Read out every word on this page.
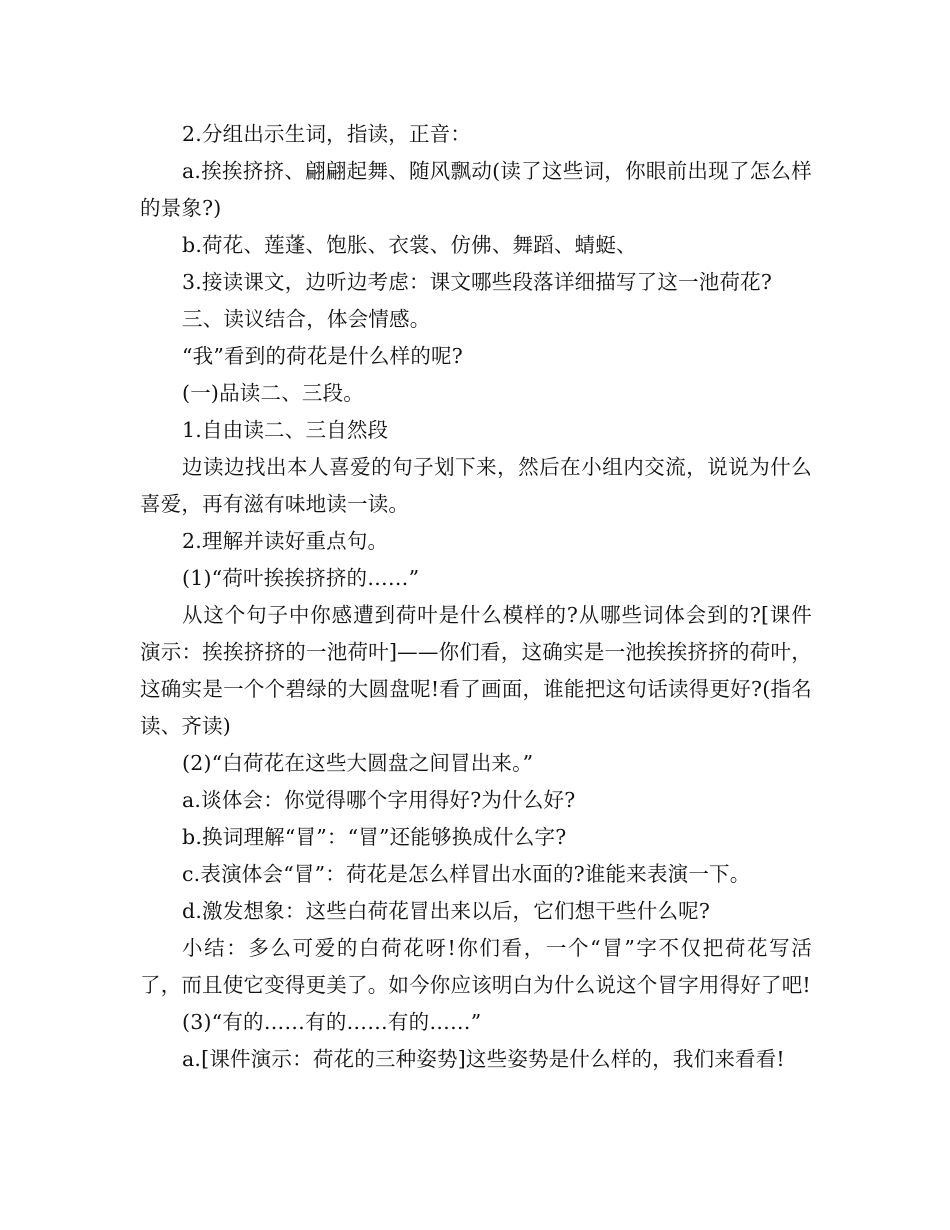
2.分组出示生词，指读，正音：

a.挨挨挤挤、翩翩起舞、随风飘动(读了这些词，你眼前出现了怎么样的景象?)

b.荷花、莲蓬、饱胀、衣裳、仿佛、舞蹈、蜻蜓、

3.接读课文，边听边考虑：课文哪些段落详细描写了这一池荷花?

三、读议结合，体会情感。

“我”看到的荷花是什么样的呢?

(一)品读二、三段。

1.自由读二、三自然段

边读边找出本人喜爱的句子划下来，然后在小组内交流，说说为什么喜爱，再有滋有味地读一读。

2.理解并读好重点句。

(1)“荷叶挨挨挤挤的……”

从这个句子中你感遭到荷叶是什么模样的?从哪些词体会到的?[课件演示：挨挨挤挤的一池荷叶]——你们看，这确实是一池挨挨挤挤的荷叶，这确实是一个个碧绿的大圆盘呢!看了画面，谁能把这句话读得更好?(指名读、齐读)

(2)“白荷花在这些大圆盘之间冒出来。”

a.谈体会：你觉得哪个字用得好?为什么好?

b.换词理解“冒”：“冒”还能够换成什么字?

c.表演体会“冒”：荷花是怎么样冒出水面的?谁能来表演一下。

d.激发想象：这些白荷花冒出来以后，它们想干些什么呢?

小结：多么可爱的白荷花呀!你们看，一个“冒”字不仅把荷花写活了，而且使它变得更美了。如今你应该明白为什么说这个冒字用得好了吧!

(3)“有的……有的……有的……”

a.[课件演示：荷花的三种姿势]这些姿势是什么样的，我们来看看!
